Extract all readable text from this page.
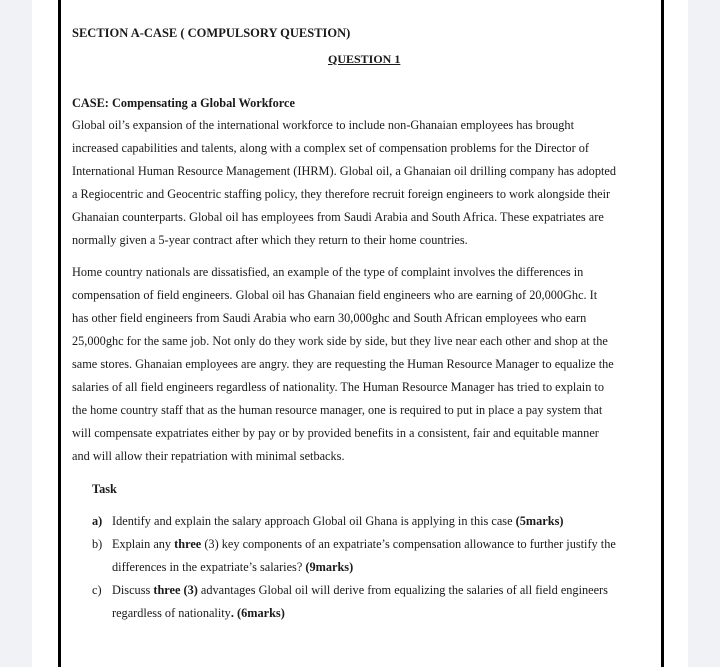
SECTION A-CASE ( COMPULSORY QUESTION)
QUESTION 1
CASE: Compensating a Global Workforce

Global oil’s expansion of the international workforce to include non-Ghanaian employees has brought

increased capabilities and talents, along with a complex set of compensation problems for the Director of

International Human Resource Management (IHRM). Global oil, a Ghanaian oil drilling company has adopted

a Regiocentric and Geocentric staffing policy, they therefore recruit foreign engineers to work alongside their

Ghanaian counterparts. Global oil has employees from Saudi Arabia and South Africa. These expatriates are

normally given a 5-year contract after which they return to their home countries.

Home country nationals are dissatisfied, an example of the type of complaint involves the differences in

compensation of field engineers. Global oil has Ghanaian field engineers who are earning of 20,000Ghc. It

has other field engineers from Saudi Arabia who earn 30,000ghc and South African employees who earn

25,000ghc for the same job. Not only do they work side by side, but they live near each other and shop at the

same stores. Ghanaian employees are angry. they are requesting the Human Resource Manager to equalize the

salaries of all field engineers regardless of nationality. The Human Resource Manager has tried to explain to

the home country staff that as the human resource manager, one is required to put in place a pay system that

will compensate expatriates either by pay or by provided benefits in a consistent, fair and equitable manner

and will allow their repatriation with minimal setbacks.

Task
a) Identify and explain the salary approach Global oil Ghana is applying in this case (5marks)
b) Explain any three (3) key components of an expatriate’s compensation allowance to further justify the
differences in the expatriate’s salaries? (9marks)
c) Discuss three (3) advantages Global oil will derive from equalizing the salaries of all field engineers
regardless of nationality. (6marks)
